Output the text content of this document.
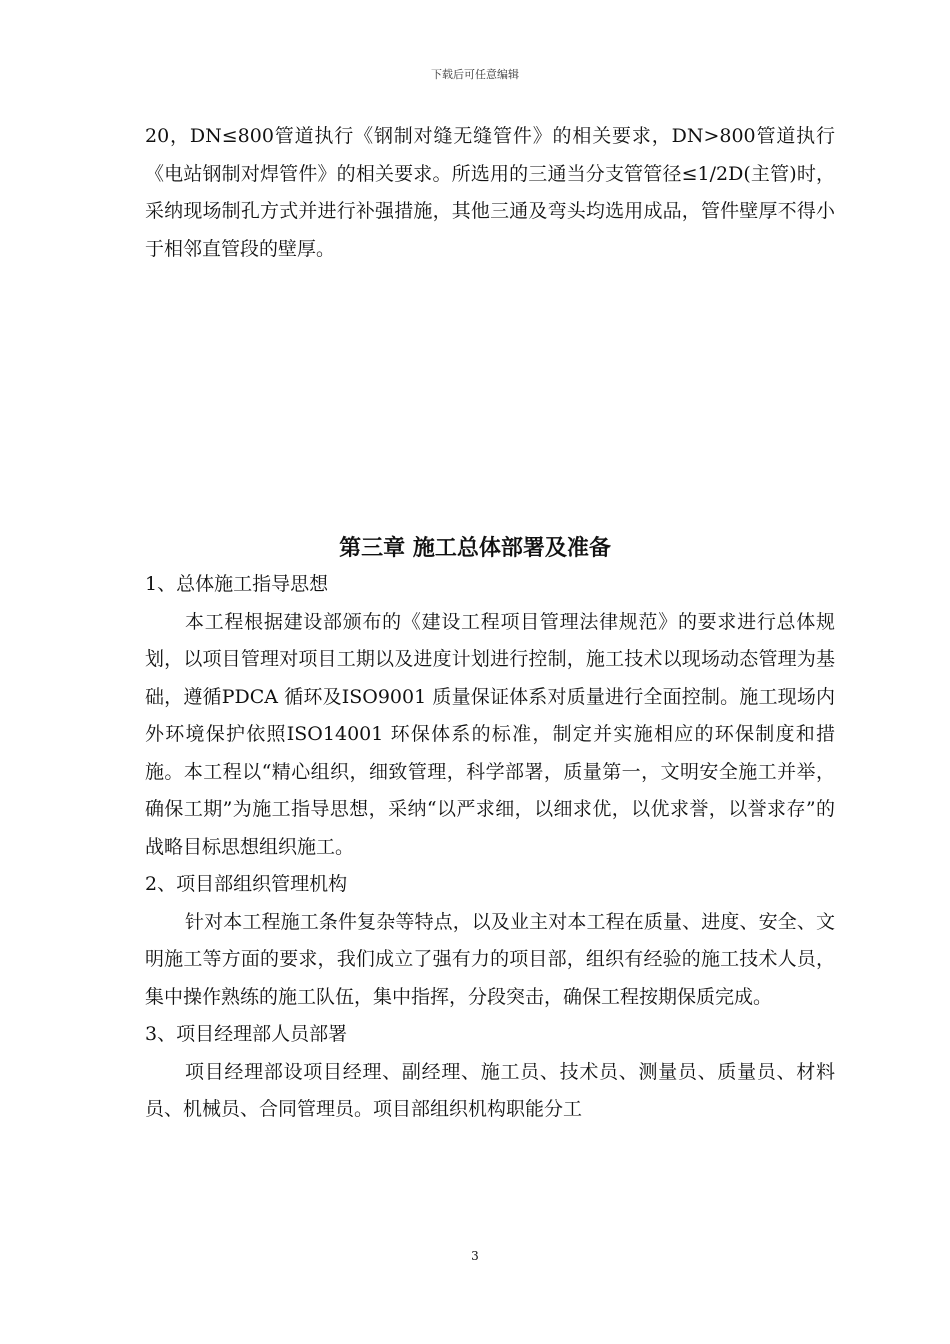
下载后可任意编辑

20，DN≤800管道执行《钢制对缝无缝管件》的相关要求，DN>800管道执行《电站钢制对焊管件》的相关要求。所选用的三通当分支管管径≤1/2D(主管)时，采纳现场制孔方式并进行补强措施，其他三通及弯头均选用成品，管件壁厚不得小于相邻直管段的壁厚。

第三章 施工总体部署及准备

1、总体施工指导思想

本工程根据建设部颁布的《建设工程项目管理法律规范》的要求进行总体规划，以项目管理对项目工期以及进度计划进行控制，施工技术以现场动态管理为基础，遵循PDCA 循环及ISO9001 质量保证体系对质量进行全面控制。施工现场内外环境保护依照ISO14001 环保体系的标准，制定并实施相应的环保制度和措施。本工程以“精心组织，细致管理，科学部署，质量第一，文明安全施工并举，确保工期”为施工指导思想，采纳“以严求细，以细求优，以优求誉，以誉求存”的战略目标思想组织施工。

2、项目部组织管理机构

针对本工程施工条件复杂等特点，以及业主对本工程在质量、进度、安全、文明施工等方面的要求，我们成立了强有力的项目部，组织有经验的施工技术人员，集中操作熟练的施工队伍，集中指挥，分段突击，确保工程按期保质完成。

3、项目经理部人员部署

项目经理部设项目经理、副经理、施工员、技术员、测量员、质量员、材料员、机械员、合同管理员。项目部组织机构职能分工

3
